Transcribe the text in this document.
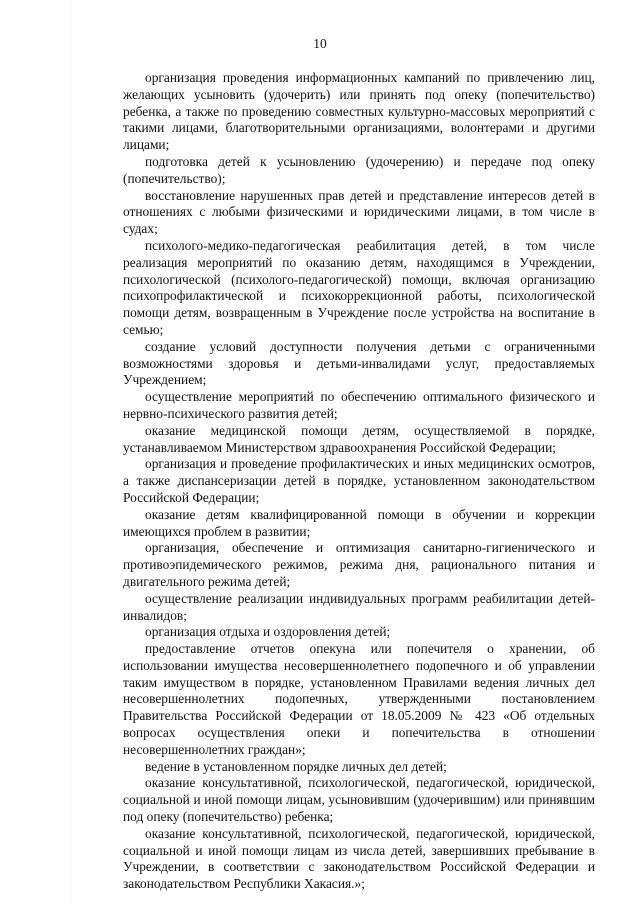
10

организация проведения информационных кампаний по привлечению лиц, желающих усыновить (удочерить) или принять под опеку (попечительство) ребенка, а также по проведению совместных культурно-массовых мероприятий с такими лицами, благотворительными организациями, волонтерами и другими лицами;

подготовка детей к усыновлению (удочерению) и передаче под опеку (попечительство);

восстановление нарушенных прав детей и представление интересов детей в отношениях с любыми физическими и юридическими лицами, в том числе в судах;

психолого-медико-педагогическая реабилитация детей, в том числе реализация мероприятий по оказанию детям, находящимся в Учреждении, психологической (психолого-педагогической) помощи, включая организацию психопрофилактической и психокоррекционной работы, психологической помощи детям, возвращенным в Учреждение после устройства на воспитание в семью;

создание условий доступности получения детьми с ограниченными возможностями здоровья и детьми-инвалидами услуг, предоставляемых Учреждением;

осуществление мероприятий по обеспечению оптимального физического и нервно-психического развития детей;

оказание медицинской помощи детям, осуществляемой в порядке, устанавливаемом Министерством здравоохранения Российской Федерации;

организация и проведение профилактических и иных медицинских осмотров, а также диспансеризации детей в порядке, установленном законодательством Российской Федерации;

оказание детям квалифицированной помощи в обучении и коррекции имеющихся проблем в развитии;

организация, обеспечение и оптимизация санитарно-гигиенического и противоэпидемического режимов, режима дня, рационального питания и двигательного режима детей;

осуществление реализации индивидуальных программ реабилитации детей-инвалидов;

организация отдыха и оздоровления детей;

предоставление отчетов опекуна или попечителя о хранении, об использовании имущества несовершеннолетнего подопечного и об управлении таким имуществом в порядке, установленном Правилами ведения личных дел несовершеннолетних подопечных, утвержденными постановлением Правительства Российской Федерации от 18.05.2009 № 423 «Об отдельных вопросах осуществления опеки и попечительства в отношении несовершеннолетних граждан»;

ведение в установленном порядке личных дел детей;

оказание консультативной, психологической, педагогической, юридической, социальной и иной помощи лицам, усыновившим (удочерившим) или принявшим под опеку (попечительство) ребенка;

оказание консультативной, психологической, педагогической, юридической, социальной и иной помощи лицам из числа детей, завершивших пребывание в Учреждении, в соответствии с законодательством Российской Федерации и законодательством Республики Хакасия.»;
